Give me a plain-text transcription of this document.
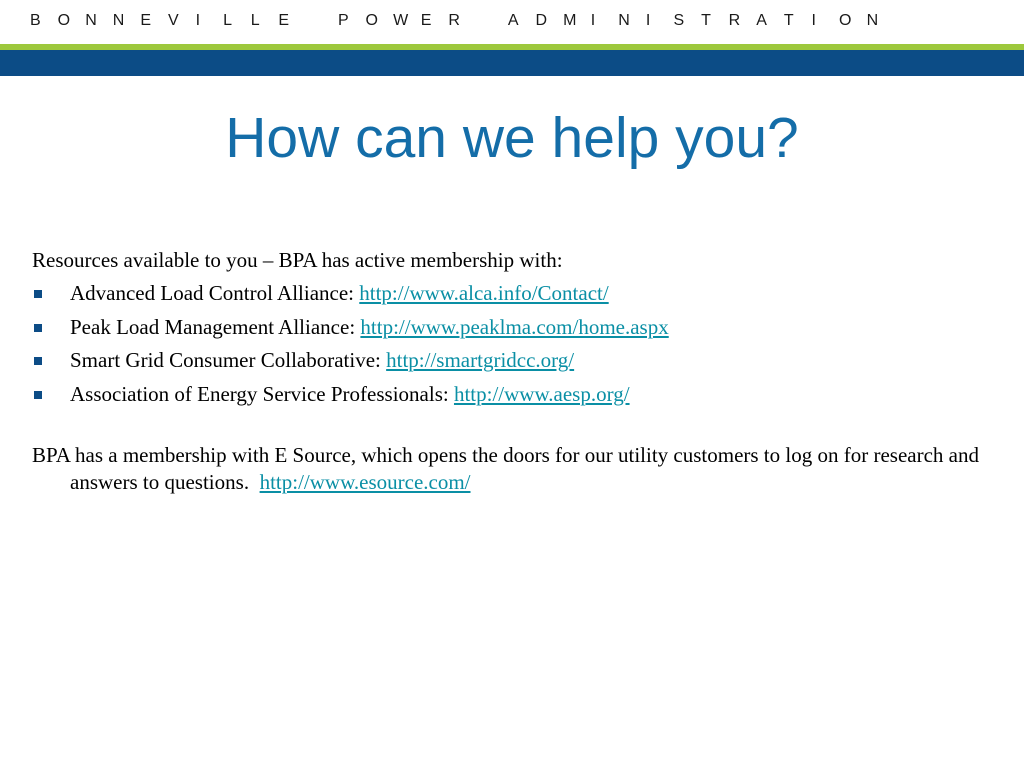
B	O N	N	E	V	I	L	L	E	P	O W E	R	A	D	M I	N	I	S	T	R	A	T	I	O N
How can we help you?

Resources available to you – BPA has active membership with:

Advanced Load Control Alliance: http://www.alca.info/Contact/
Peak Load Management Alliance: http://www.peaklma.com/home.aspx
Smart Grid Consumer Collaborative: http://smartgridcc.org/
Association of Energy Service Professionals: http://www.aesp.org/

BPA has a membership with E Source, which opens the doors for our utility customers to log on for research and answers to questions.  http://www.esource.com/
